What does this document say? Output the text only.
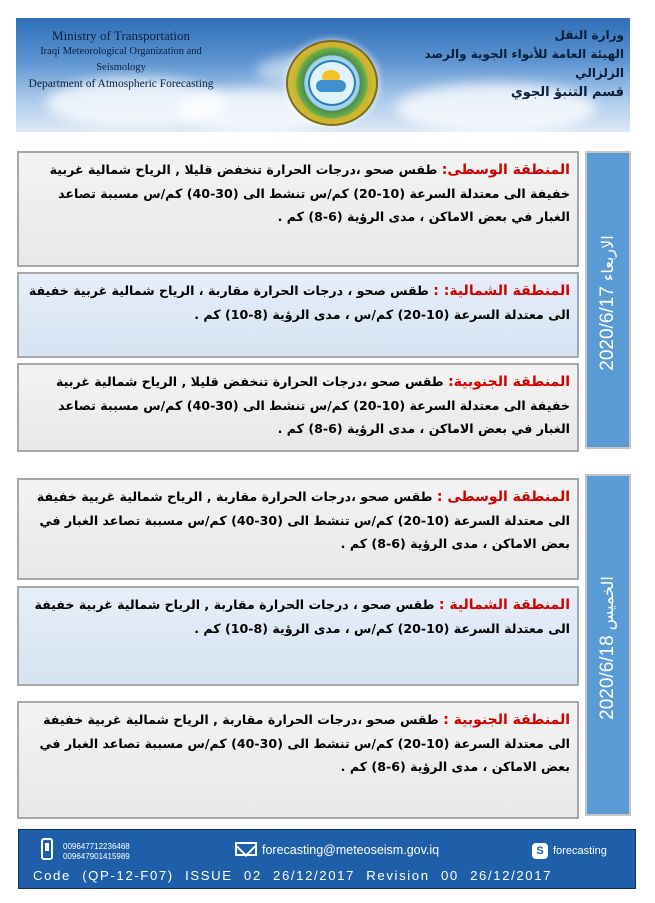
Ministry of Transportation
Iraqi Meteorological Organization and Seismology
Department of Atmospheric Forecasting
وزارة النقل
الهيئة العامة للأنواء الجوية والرصد الزلزالي
قسم التنبؤ الجوي
المنطقة الوسطى: طقس صحو ،درجات الحرارة تنخفض قليلا , الرياح شمالية غربية خفيفة الى معتدلة السرعة (10-20) كم/س تنشط الى (30-40) كم/س مسببة تصاعد الغبار في بعض الاماكن ، مدى الرؤية (6-8) كم .
المنطقة الشمالية: : طقس صحو ، درجات الحرارة مقاربة ، الرياح شمالية غربية خفيفة الى معتدلة السرعة (10-20) كم/س ، مدى الرؤية (8-10) كم .
المنطقة الجنوبية: طقس صحو ،درجات الحرارة تنخفض قليلا , الرياح شمالية غربية خفيفة الى معتدلة السرعة (10-20) كم/س تنشط الى (30-40) كم/س مسببة تصاعد الغبار في بعض الاماكن ، مدى الرؤية (6-8) كم .
2020/6/17 الاربعاء
المنطقة الوسطى : طقس صحو ،درجات الحرارة مقاربة , الرياح شمالية غربية خفيفة الى معتدلة السرعة (10-20) كم/س تنشط الى (30-40) كم/س مسببة تصاعد الغبار في بعض الاماكن ، مدى الرؤية (6-8) كم .
المنطقة الشمالية : طقس صحو ، درجات الحرارة مقاربة , الرياح شمالية غربية خفيفة الى معتدلة السرعة (10-20) كم/س ، مدى الرؤية (8-10) كم .
المنطقة الجنوبية : طقس صحو ،درجات الحرارة مقاربة , الرياح شمالية غربية خفيفة الى معتدلة السرعة (10-20) كم/س تنشط الى (30-40) كم/س مسببة تصاعد الغبار في بعض الاماكن ، مدى الرؤية (6-8) كم .
2020/6/18 الخميس
009647712236468
009647901415989	forecasting@meteoseism.gov.iq	S forecasting
Code (QP-12-F07) ISSUE 02 26/12/2017 Revision 00 26/12/2017
